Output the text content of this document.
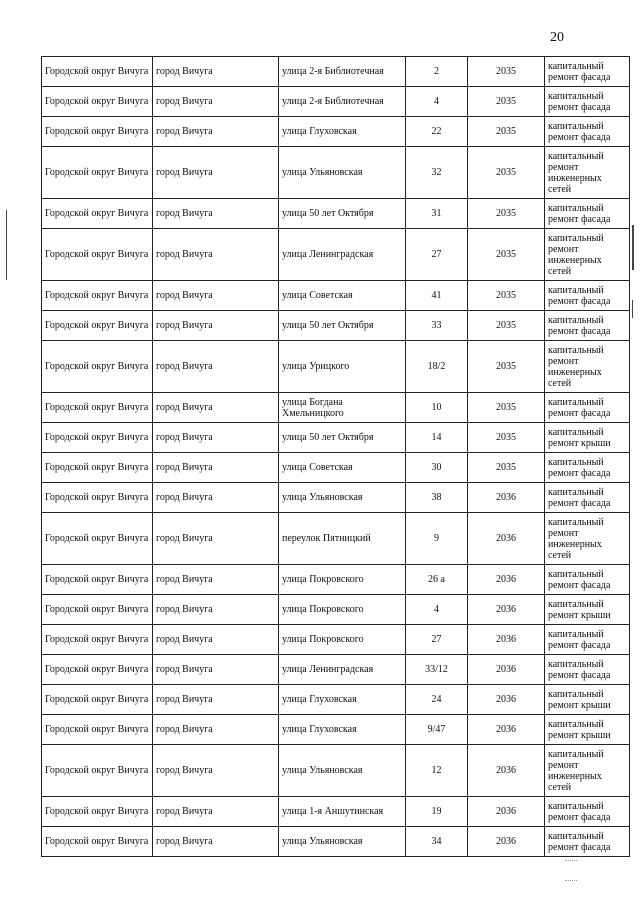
20
Городской округ Вичуга	город Вичуга	улица 2-я Библиотечная	2	2035	капитальный ремонт фасада
Городской округ Вичуга	город Вичуга	улица 2-я Библиотечная	4	2035	капитальный ремонт фасада
Городской округ Вичуга	город Вичуга	улица Глуховская	22	2035	капитальный ремонт фасада
Городской округ Вичуга	город Вичуга	улица Ульяновская	32	2035	капитальный ремонт инженерных сетей
Городской округ Вичуга	город Вичуга	улица 50 лет Октября	31	2035	капитальный ремонт фасада
Городской округ Вичуга	город Вичуга	улица Ленинградская	27	2035	капитальный ремонт инженерных сетей
Городской округ Вичуга	город Вичуга	улица Советская	41	2035	капитальный ремонт фасада
Городской округ Вичуга	город Вичуга	улица 50 лет Октября	33	2035	капитальный ремонт фасада
Городской округ Вичуга	город Вичуга	улица Урицкого	18/2	2035	капитальный ремонт инженерных сетей
Городской округ Вичуга	город Вичуга	улица Богдана Хмельницкого	10	2035	капитальный ремонт фасада
Городской округ Вичуга	город Вичуга	улица 50 лет Октября	14	2035	капитальный ремонт крыши
Городской округ Вичуга	город Вичуга	улица Советская	30	2035	капитальный ремонт фасада
Городской округ Вичуга	город Вичуга	улица Ульяновская	38	2036	капитальный ремонт фасада
Городской округ Вичуга	город Вичуга	переулок Пятницкий	9	2036	капитальный ремонт инженерных сетей
Городской округ Вичуга	город Вичуга	улица Покровского	26 а	2036	капитальный ремонт фасада
Городской округ Вичуга	город Вичуга	улица Покровского	4	2036	капитальный ремонт крыши
Городской округ Вичуга	город Вичуга	улица Покровского	27	2036	капитальный ремонт фасада
Городской округ Вичуга	город Вичуга	улица Ленинградская	33/12	2036	капитальный ремонт фасада
Городской округ Вичуга	город Вичуга	улица Глуховская	24	2036	капитальный ремонт крыши
Городской округ Вичуга	город Вичуга	улица Глуховская	9/47	2036	капитальный ремонт крыши
Городской округ Вичуга	город Вичуга	улица Ульяновская	12	2036	капитальный ремонт инженерных сетей
Городской округ Вичуга	город Вичуга	улица 1-я Аншутинская	19	2036	капитальный ремонт фасада
Городской округ Вичуга	город Вичуга	улица Ульяновская	34	2036	капитальный ремонт фасада
